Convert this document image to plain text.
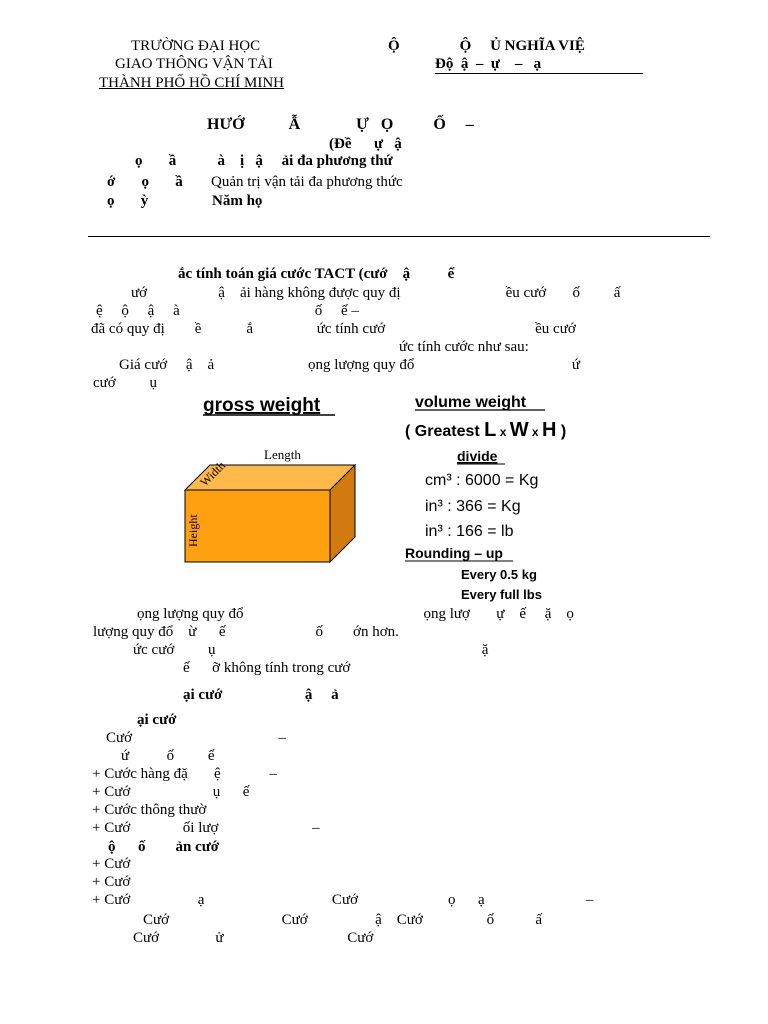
TRƯỜNG ĐẠI HỌC
GIAO THÔNG VẬN TẢI
THÀNH PHỐ HỒ CHÍ MINH
Ộ                Ộ     Ủ NGHĨA VIỆ
Độ  ậ  –  ự    –   ạ
HƯỚ           Ẫ              Ự   Ọ          Ố     –
(Đề      ự   ậ
ọ       ầ           à    ị   ậ     ải đa phương thứ
ớ       ọ       ầ Quản trị vận tải đa phương thức
ọ       ỳ	Năm họ
ắc tính toán giá cước TACT (cướ    ậ          ể
ướ                   ậ    ải hàng không được quy đị                            ều cướ       ố         ấ
ệ     ộ     ậ     à                                    ố     ế –
đã có quy đị        ề            ắ                 ức tính cướ                                        ều cướ
ức tính cước như sau:
Giá cướ     ậ    ả                         ọng lượng quy đổ                                          ứ
cướ         ụ
gross weight	volume weight
( Greatest L x W x H )
Length
Width
Height
divide
cm³ : 6000 = Kg
in³ : 366 = Kg
in³ : 166 = lb
Rounding – up
Every 0.5 kg
Every full lbs
ọng lượng quy đổ                                                ọng lượ       ự    ế     ặ    ọ
lượng quy đổ    ừ      ế                        ố        ớn hơn.
ức cướ         ụ                                                                       ặ
ế      ỡ không tính trong cướ
ại cướ                      ậ     ả
ại cướ
Cướ                                       –
ứ          ố         ể
+ Cước hàng đặ       ệ             –
+ Cướ                      ụ      ế
+ Cước thông thườ
+ Cướ              ối lượ                         –
ộ      ố        ản cướ
+ Cướ
+ Cướ
+ Cướ                  ạ                                  Cướ                        ọ      ạ                           –
Cướ                              Cướ                  ậ    Cướ                 ố           ấ
Cướ               ử                                 Cướ
